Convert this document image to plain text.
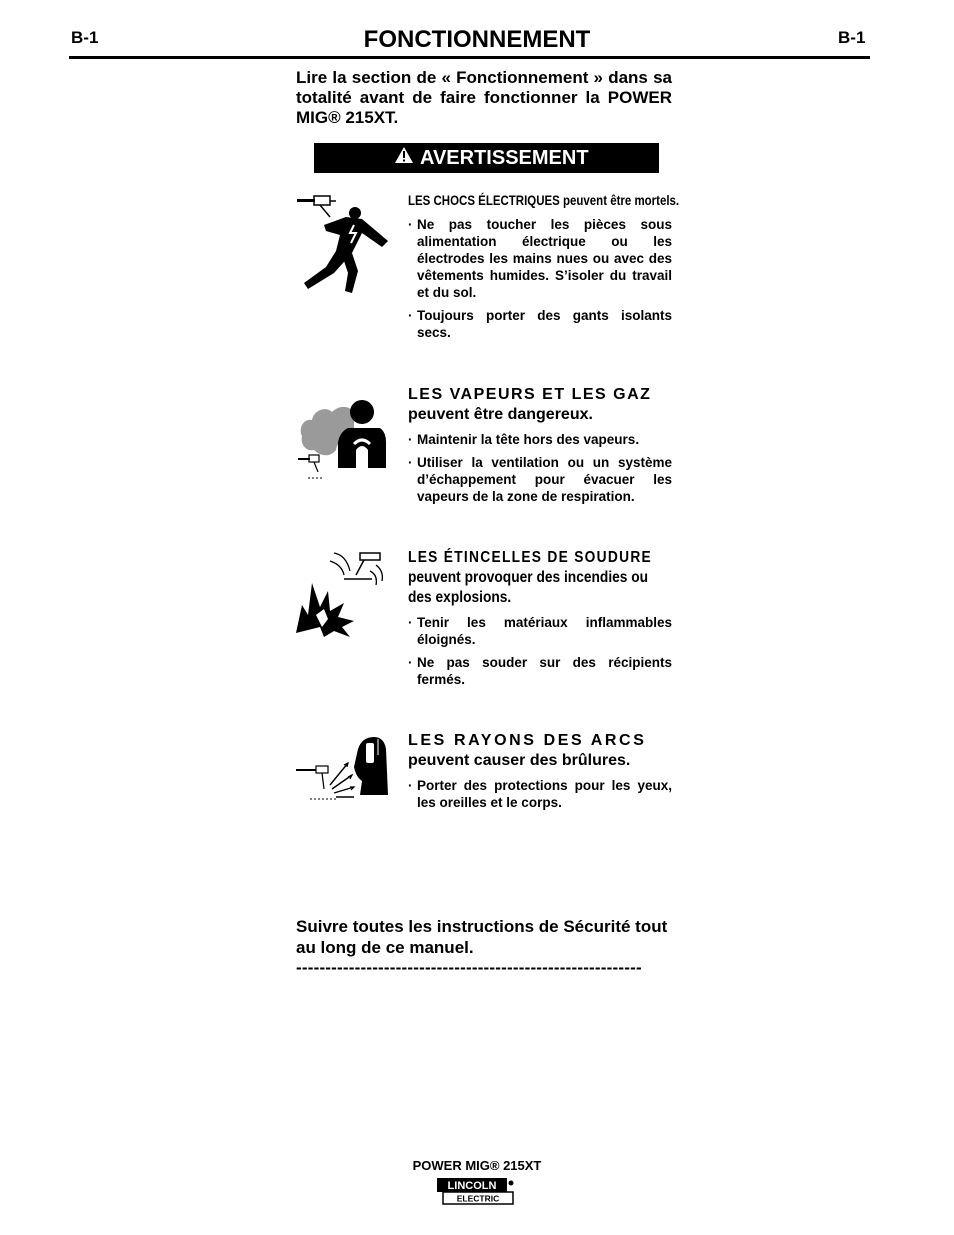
B-1	FONCTIONNEMENT	B-1
Lire la section de « Fonctionnement » dans sa totalité avant de faire fonctionner la POWER MIG® 215XT.
AVERTISSEMENT
LES CHOCS ÉLECTRIQUES peuvent être mortels.
· Ne pas toucher les pièces sous alimentation électrique ou les électrodes les mains nues ou avec des vêtements humides. S’isoler du travail et du sol.
· Toujours porter des gants isolants secs.
LES VAPEURS ET LES GAZ
peuvent être dangereux.
· Maintenir la tête hors des vapeurs.
· Utiliser la ventilation ou un système d’échappement pour évacuer les vapeurs de la zone de respiration.
LES ÉTINCELLES DE SOUDURE
peuvent provoquer des incendies ou des explosions.
· Tenir les matériaux inflammables éloignés.
· Ne pas souder sur des récipients fermés.
LES RAYONS DES ARCS
peuvent causer des brûlures.
· Porter des protections pour les yeux, les oreilles et le corps.
Suivre toutes les instructions de Sécurité tout au long de ce manuel.
-----------------------------------------------------------
POWER MIG® 215XT
LINCOLN
ELECTRIC
